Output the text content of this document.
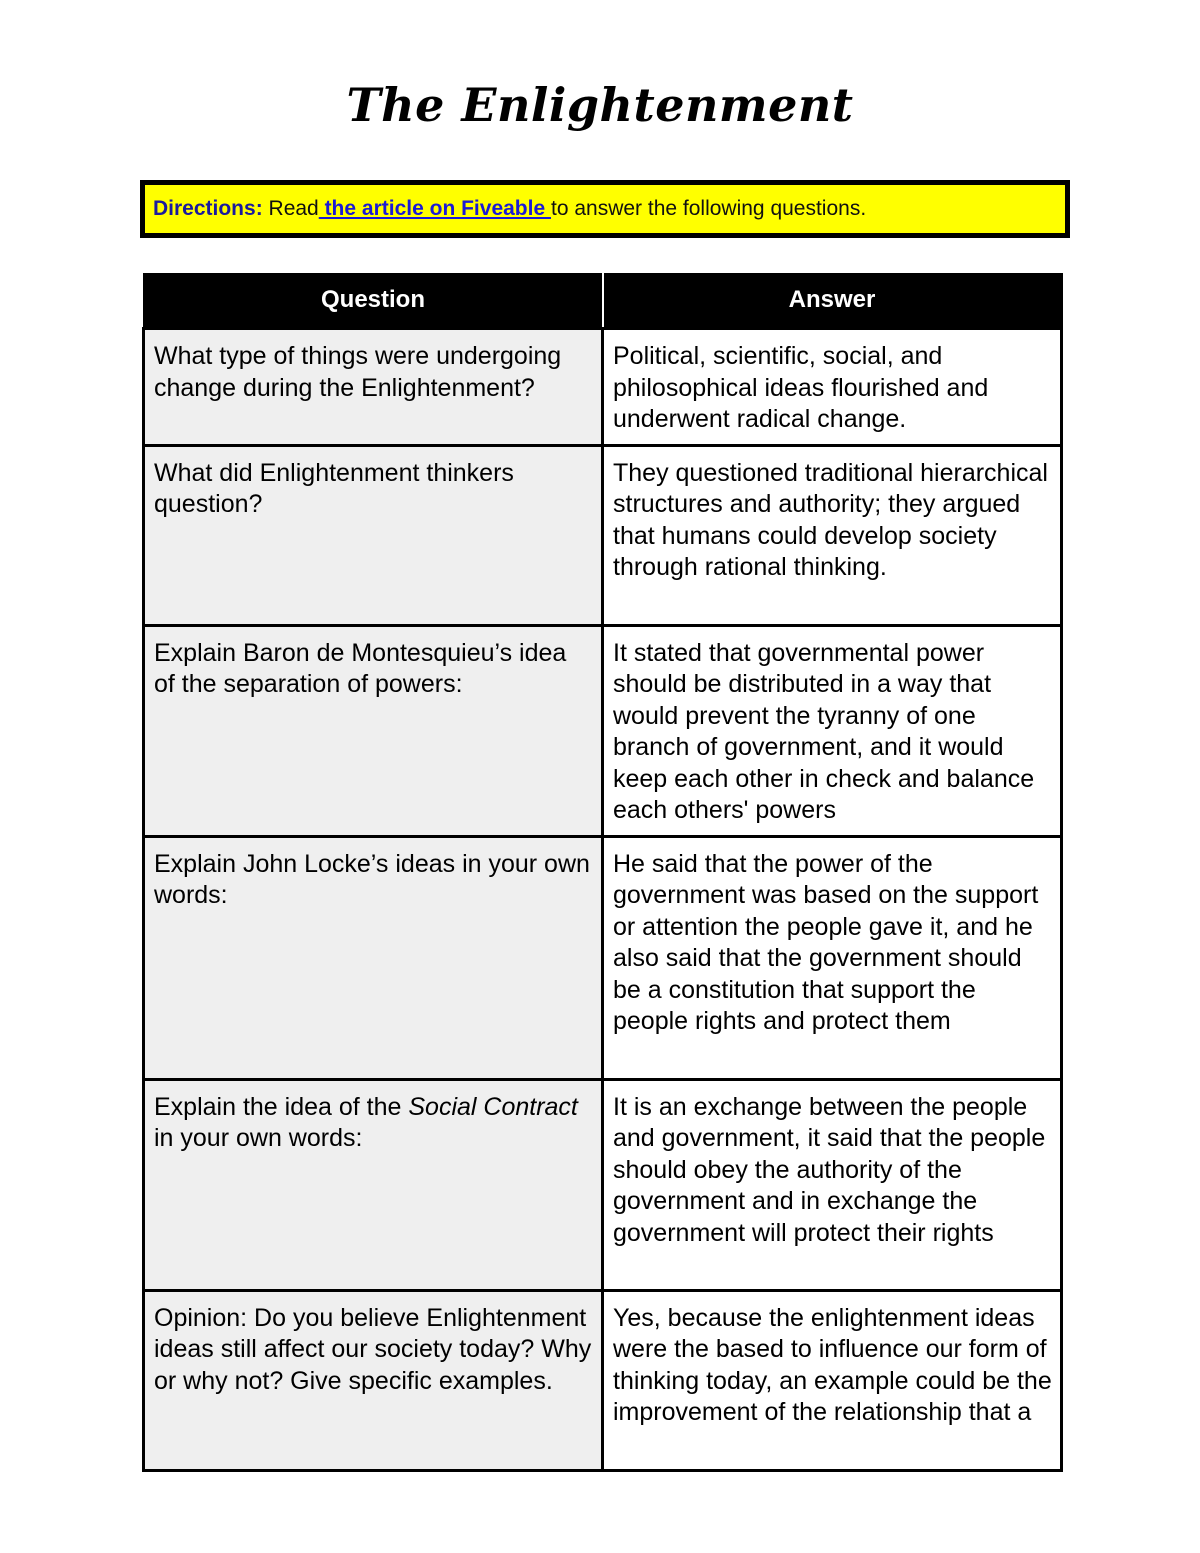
The Enlightenment
Directions: Read the article on Fiveable to answer the following questions.
Question	Answer
What type of things were undergoing change during the Enlightenment?	Political, scientific, social, and philosophical ideas flourished and underwent radical change.
What did Enlightenment thinkers question?	They questioned traditional hierarchical structures and authority; they argued that humans could develop society through rational thinking.
Explain Baron de Montesquieu’s idea of the separation of powers:	It stated that governmental power should be distributed in a way that would prevent the tyranny of one branch of government, and it would keep each other in check and balance each others' powers
Explain John Locke’s ideas in your own words:	He said that the power of the government was based on the support or attention the people gave it, and he also said that the government should be a constitution that support the people rights and protect them
Explain the idea of the Social Contract in your own words:	It is an exchange between the people and government, it said that the people should obey the authority of the government and in exchange the government will protect their rights
Opinion: Do you believe Enlightenment ideas still affect our society today? Why or why not? Give specific examples.	Yes, because the enlightenment ideas were the based to influence our form of thinking today, an example could be the improvement of the relationship that a
